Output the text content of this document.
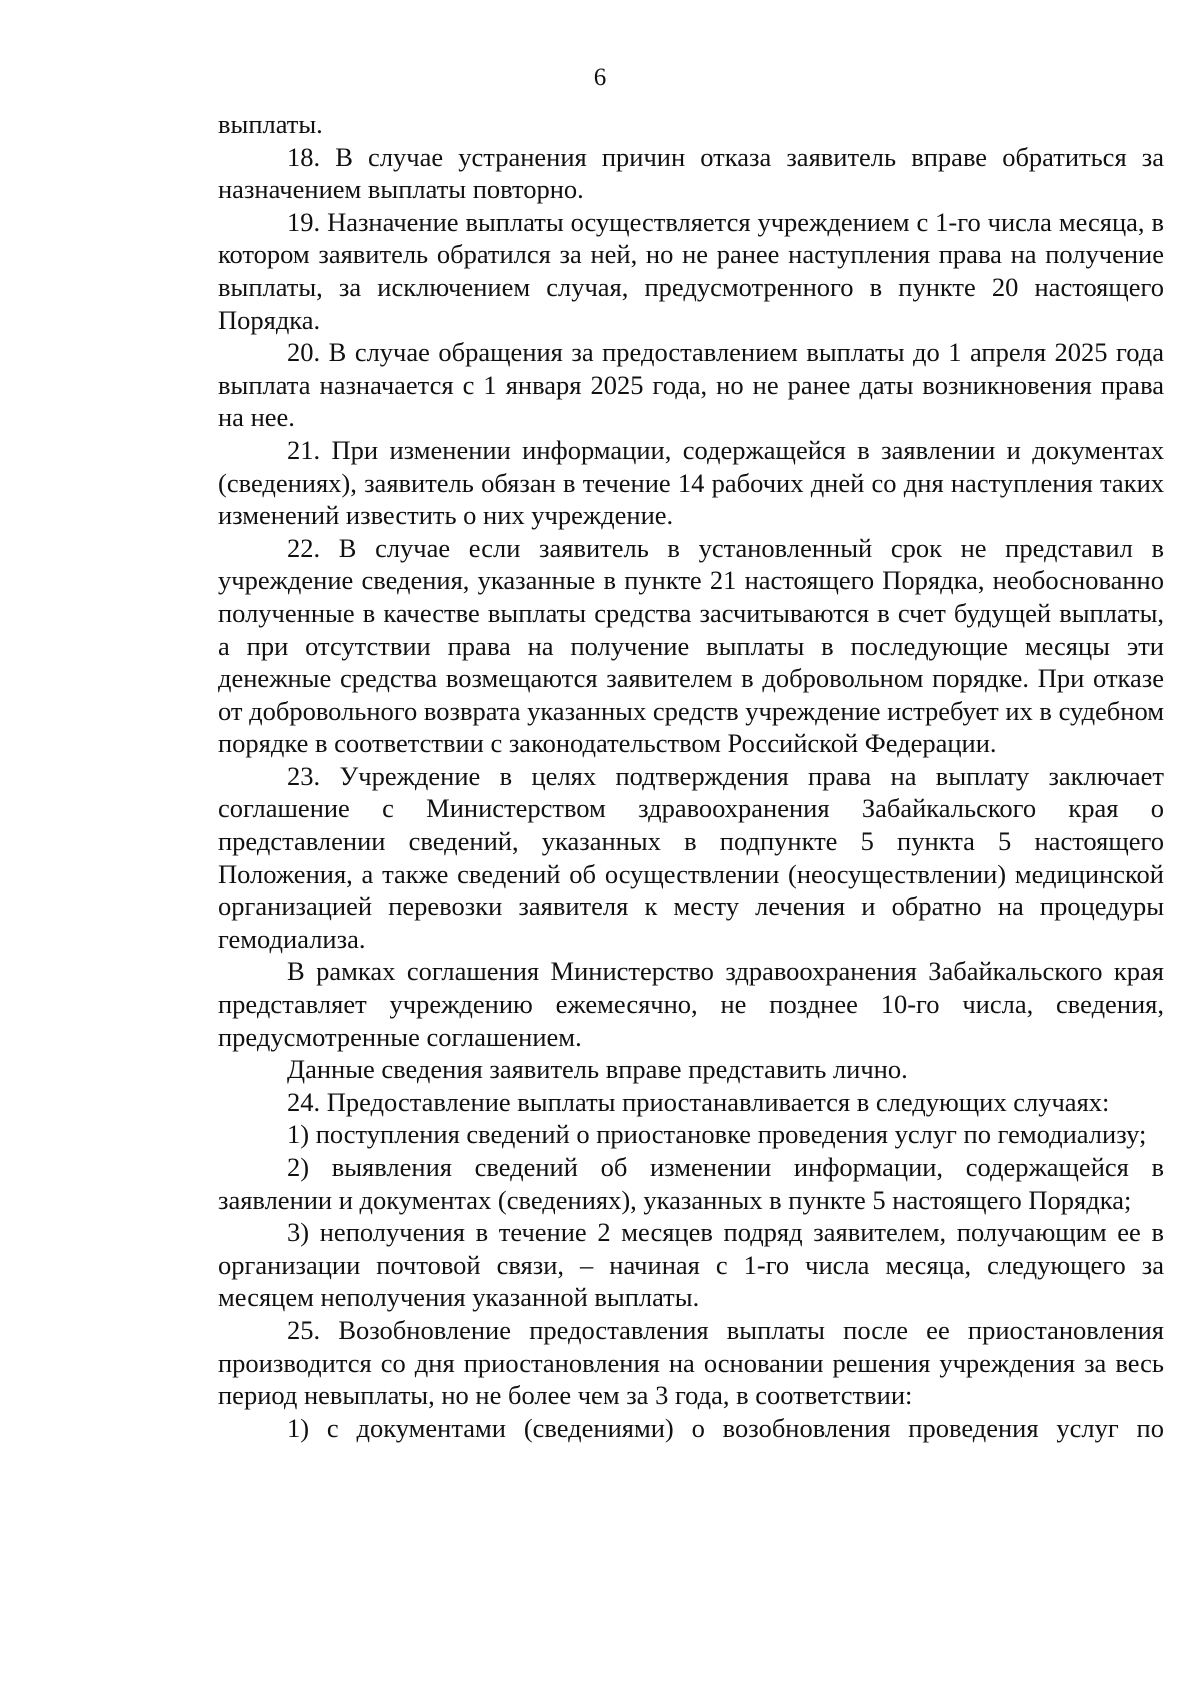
6

выплаты.

18. В случае устранения причин отказа заявитель вправе обратиться за назначением выплаты повторно.

19. Назначение выплаты осуществляется учреждением с 1-го числа месяца, в котором заявитель обратился за ней, но не ранее наступления права на получение выплаты, за исключением случая, предусмотренного в пункте 20 настоящего Порядка.

20. В случае обращения за предоставлением выплаты до 1 апреля 2025 года выплата назначается с 1 января 2025 года, но не ранее даты возникновения права на нее.

21. При изменении информации, содержащейся в заявлении и документах (сведениях), заявитель обязан в течение 14 рабочих дней со дня наступления таких изменений известить о них учреждение.

22. В случае если заявитель в установленный срок не представил в учреждение сведения, указанные в пункте 21 настоящего Порядка, необоснованно полученные в качестве выплаты средства засчитываются в счет будущей выплаты, а при отсутствии права на получение выплаты в последующие месяцы эти денежные средства возмещаются заявителем в добровольном порядке. При отказе от добровольного возврата указанных средств учреждение истребует их в судебном порядке в соответствии с законодательством Российской Федерации.

23. Учреждение в целях подтверждения права на выплату заключает соглашение с Министерством здравоохранения Забайкальского края о представлении сведений, указанных в подпункте 5 пункта 5 настоящего Положения, а также сведений об осуществлении (неосуществлении) медицинской организацией перевозки заявителя к месту лечения и обратно на процедуры гемодиализа.

В рамках соглашения Министерство здравоохранения Забайкальского края представляет учреждению ежемесячно, не позднее 10-го числа, сведения, предусмотренные соглашением.

Данные сведения заявитель вправе представить лично.

24. Предоставление выплаты приостанавливается в следующих случаях:

1) поступления сведений о приостановке проведения услуг по гемодиализу;

2) выявления сведений об изменении информации, содержащейся в заявлении и документах (сведениях), указанных в пункте 5 настоящего Порядка;

3) неполучения в течение 2 месяцев подряд заявителем, получающим ее в организации почтовой связи, – начиная с 1-го числа месяца, следующего за месяцем неполучения указанной выплаты.

25. Возобновление предоставления выплаты после ее приостановления производится со дня приостановления на основании решения учреждения за весь период невыплаты, но не более чем за 3 года, в соответствии:

1) с документами (сведениями) о возобновления проведения услуг по
